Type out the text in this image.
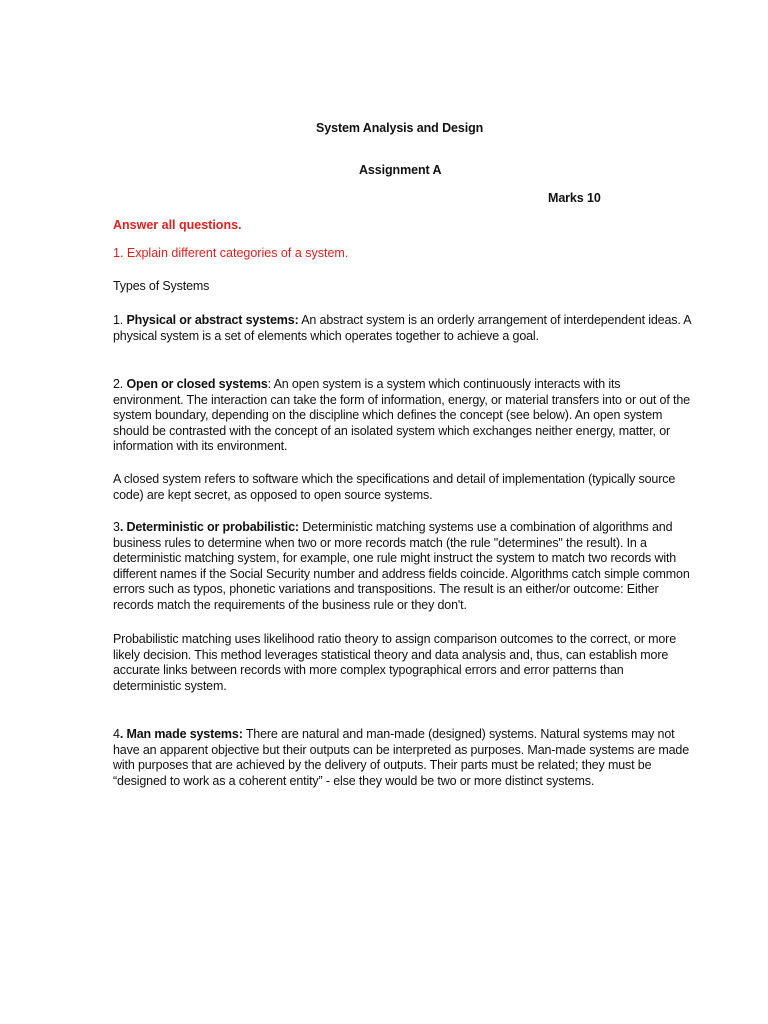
System Analysis and Design
Assignment A
Marks 10
Answer all questions.
1. Explain different categories of a system.

Types of Systems

1. Physical or abstract systems: An abstract system is an orderly arrangement of interdependent ideas. A physical system is a set of elements which operates together to achieve a goal.

2. Open or closed systems: An open system is a system which continuously interacts with its environment. The interaction can take the form of information, energy, or material transfers into or out of the system boundary, depending on the discipline which defines the concept (see below). An open system should be contrasted with the concept of an isolated system which exchanges neither energy, matter, or information with its environment.

A closed system refers to software which the specifications and detail of implementation (typically source code) are kept secret, as opposed to open source systems.

3. Deterministic or probabilistic: Deterministic matching systems use a combination of algorithms and business rules to determine when two or more records match (the rule "determines" the result). In a deterministic matching system, for example, one rule might instruct the system to match two records with different names if the Social Security number and address fields coincide. Algorithms catch simple common errors such as typos, phonetic variations and transpositions. The result is an either/or outcome: Either records match the requirements of the business rule or they don't.

Probabilistic matching uses likelihood ratio theory to assign comparison outcomes to the correct, or more likely decision. This method leverages statistical theory and data analysis and, thus, can establish more accurate links between records with more complex typographical errors and error patterns than deterministic system.

4. Man made systems: There are natural and man-made (designed) systems. Natural systems may not have an apparent objective but their outputs can be interpreted as purposes. Man-made systems are made with purposes that are achieved by the delivery of outputs. Their parts must be related; they must be “designed to work as a coherent entity” - else they would be two or more distinct systems.
